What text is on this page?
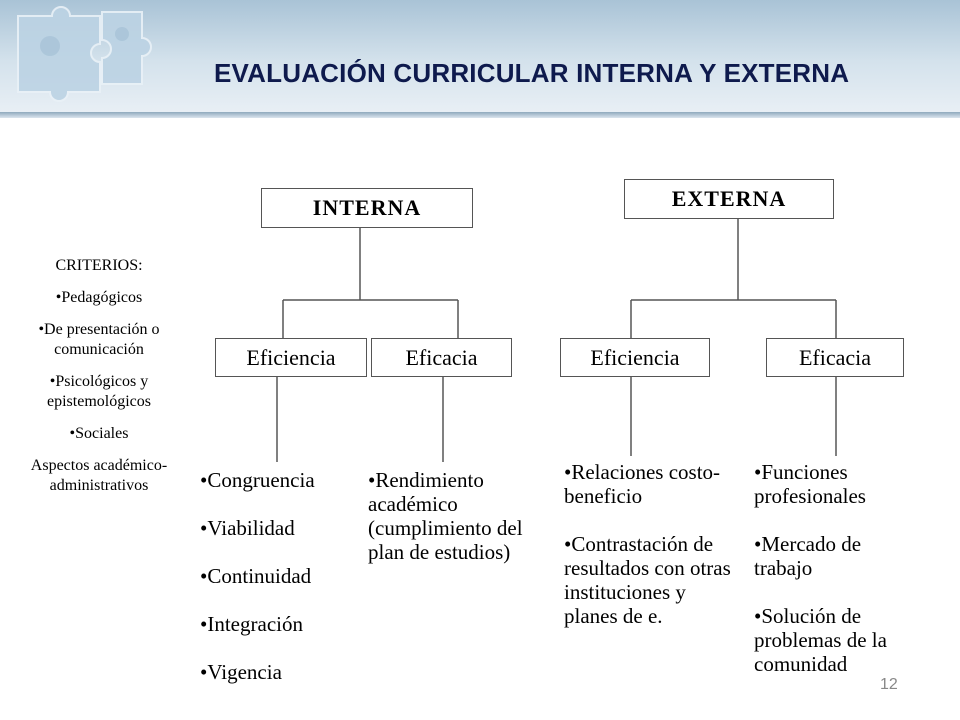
EVALUACIÓN CURRICULAR INTERNA Y EXTERNA
INTERNA	EXTERNA
Eficiencia	Eficacia	Eficiencia	Eficacia
CRITERIOS:
•Pedagógicos
•De presentación o comunicación
•Psicológicos y epistemológicos
•Sociales
Aspectos académico-administrativos	•Congruencia
•Viabilidad
•Continuidad
•Integración
•Vigencia
•Rendimiento académico (cumplimiento del plan de estudios)
•Relaciones costo-beneficio
•Contrastación de resultados con otras instituciones y planes de e.
•Funciones profesionales
•Mercado de trabajo
•Solución de problemas de la comunidad
12
